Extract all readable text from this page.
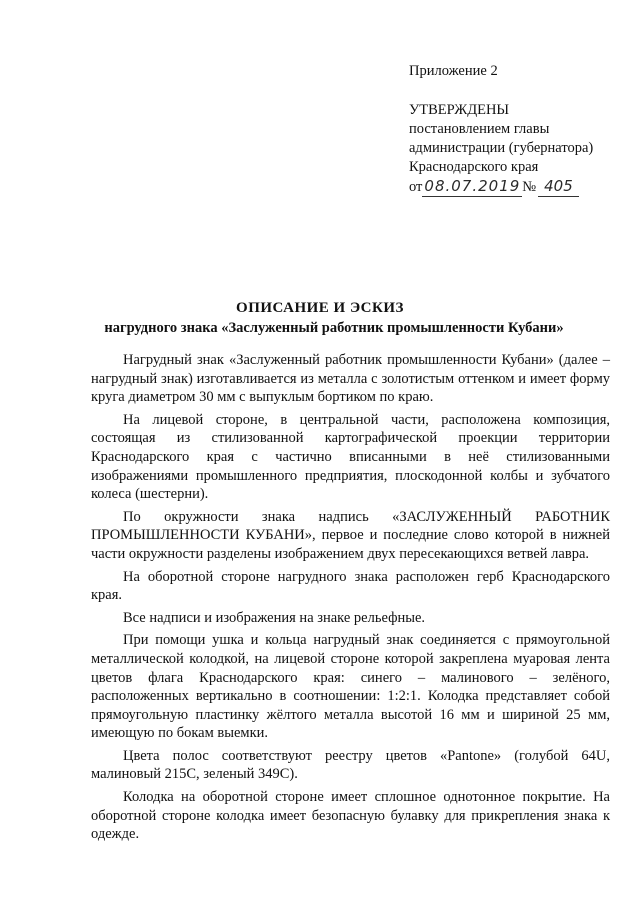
Приложение 2
УТВЕРЖДЕНЫ
постановлением главы
администрации (губернатора)
Краснодарского края
от 08.07.2019 № 405
ОПИСАНИЕ И ЭСКИЗ
нагрудного знака «Заслуженный работник промышленности Кубани»

Нагрудный знак «Заслуженный работник промышленности Кубани» (далее – нагрудный знак) изготавливается из металла с золотистым оттенком и имеет форму круга диаметром 30 мм с выпуклым бортиком по краю.

На лицевой стороне, в центральной части, расположена композиция, состоящая из стилизованной картографической проекции территории Краснодарского края с частично вписанными в неё стилизованными изображениями промышленного предприятия, плоскодонной колбы и зубчатого колеса (шестерни).

По окружности знака надпись «ЗАСЛУЖЕННЫЙ РАБОТНИК ПРОМЫШЛЕННОСТИ КУБАНИ», первое и последние слово которой в нижней части окружности разделены изображением двух пересекающихся ветвей лавра.

На оборотной стороне нагрудного знака расположен герб Краснодарского края.

Все надписи и изображения на знаке рельефные.

При помощи ушка и кольца нагрудный знак соединяется с прямоугольной металлической колодкой, на лицевой стороне которой закреплена муаровая лента цветов флага Краснодарского края: синего – малинового – зелёного, расположенных вертикально в соотношении: 1:2:1. Колодка представляет собой прямоугольную пластинку жёлтого металла высотой 16 мм и шириной 25 мм, имеющую по бокам выемки.

Цвета полос соответствуют реестру цветов «Pantone» (голубой 64U, малиновый 215C, зеленый 349C).

Колодка на оборотной стороне имеет сплошное однотонное покрытие. На оборотной стороне колодка имеет безопасную булавку для прикрепления знака к одежде.
